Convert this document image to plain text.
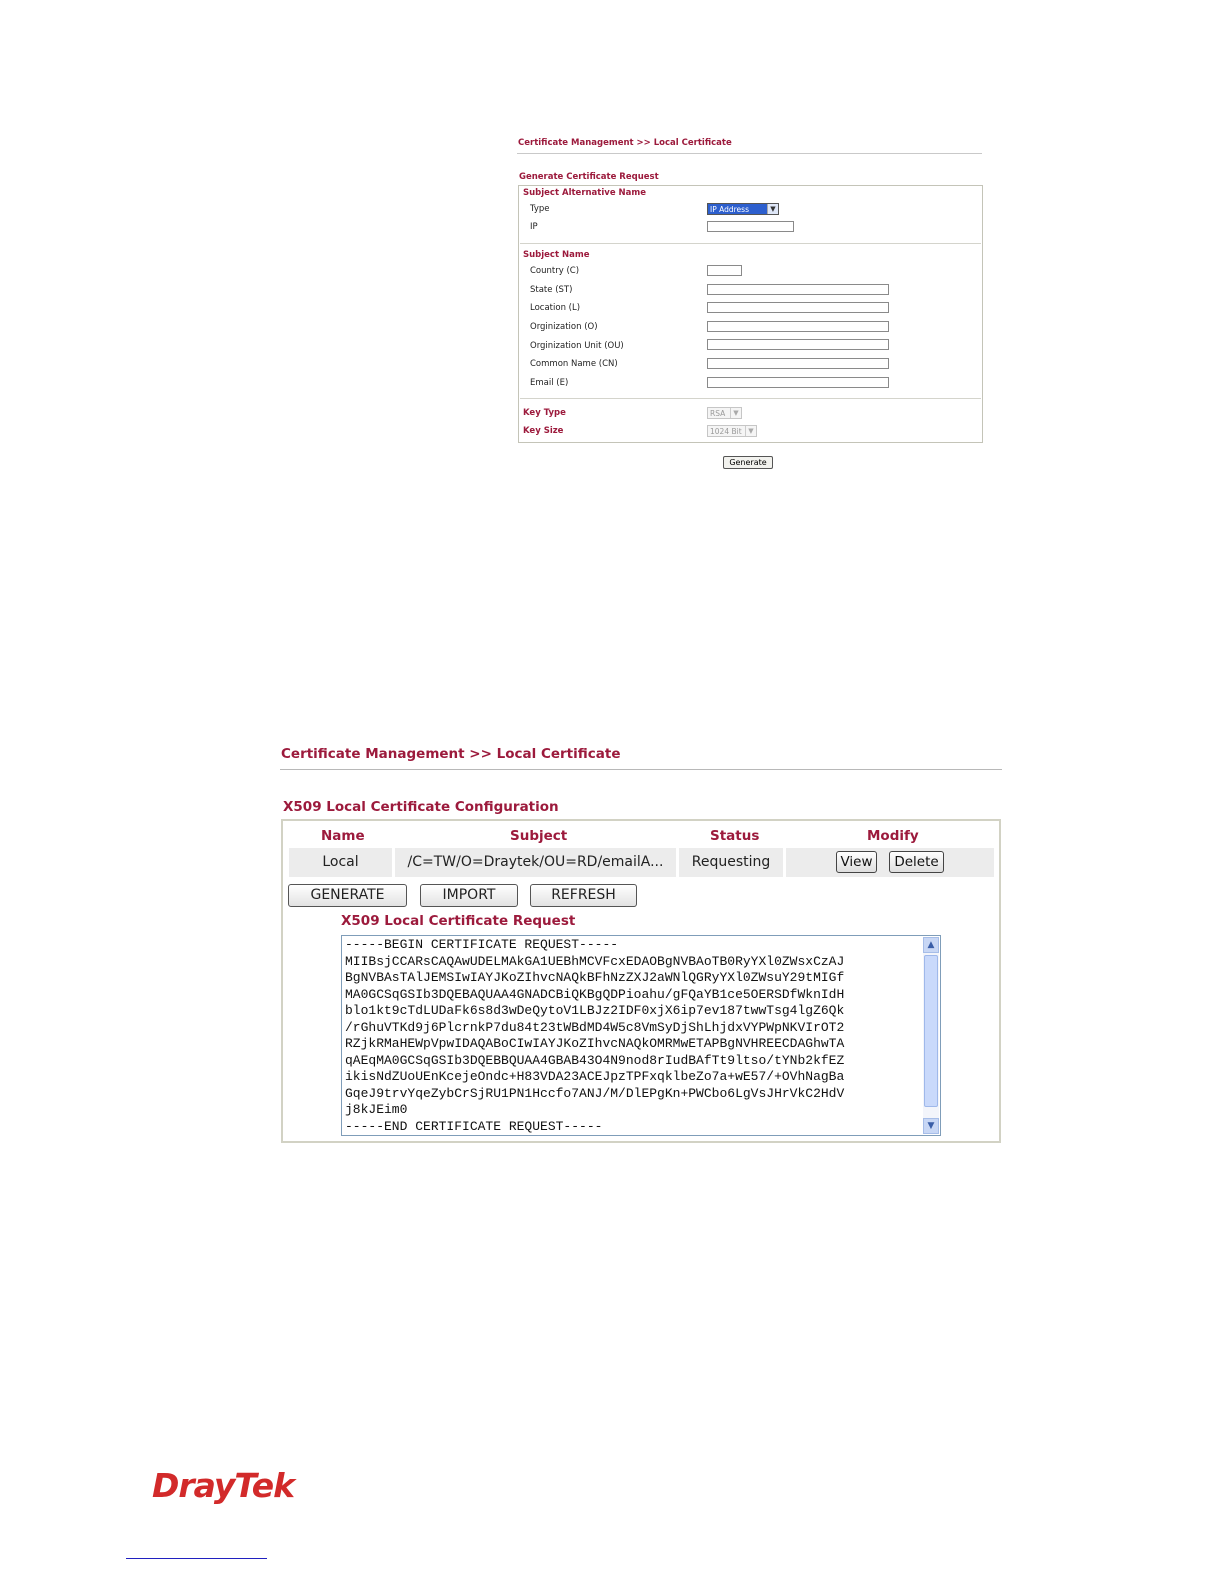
Certificate Management >> Local Certificate
Generate Certificate Request
Subject Alternative Name
Type	IP Address	▼
IP
Subject Name
Country (C)
State (ST)
Location (L)
Orginization (O)
Orginization Unit (OU)
Common Name (CN)
Email (E)
Key Type	RSA	▼
Key Size	1024 Bit ▼
Generate
Certificate Management >> Local Certificate
X509 Local Certificate Configuration
Name	Subject	Status	Modify
Local	/C=TW/O=Draytek/OU=RD/emailA...	Requesting	View	Delete
GENERATE	IMPORT	REFRESH
X509 Local Certificate Request
-----BEGIN CERTIFICATE REQUEST-----
MIIBsjCCARsCAQAwUDELMAkGA1UEBhMCVFcxEDAOBgNVBAoTB0RyYXl0ZWsxCzAJ
BgNVBAsTAlJEMSIwIAYJKoZIhvcNAQkBFhNzZXJ2aWNlQGRyYXl0ZWsuY29tMIGf
MA0GCSqGSIb3DQEBAQUAA4GNADCBiQKBgQDPioahu/gFQaYB1ce5OERSDfWknIdH
blo1kt9cTdLUDaFk6s8d3wDeQytoV1LBJz2IDF0xjX6ip7ev187twwTsg4lgZ6Qk
/rGhuVTKd9j6PlcrnkP7du84t23tWBdMD4W5c8VmSyDjShLhjdxVYPWpNKVIrOT2
RZjkRMaHEWpVpwIDAQABoCIwIAYJKoZIhvcNAQkOMRMwETAPBgNVHREECDAGhwTA
qAEqMA0GCSqGSIb3DQEBBQUAA4GBAB43O4N9nod8rIudBAfTt9ltso/tYNb2kfEZ
ikisNdZUoUEnKcejeOndc+H83VDA23ACEJpzTPFxqklbeZo7a+wE57/+OVhNagBa
GqeJ9trvYqeZybCrSjRU1PN1Hccfo7ANJ/M/DlEPgKn+PWCbo6LgVsJHrVkC2HdV
j8kJEim0
-----END CERTIFICATE REQUEST-----
▲
▼
DrayTek
